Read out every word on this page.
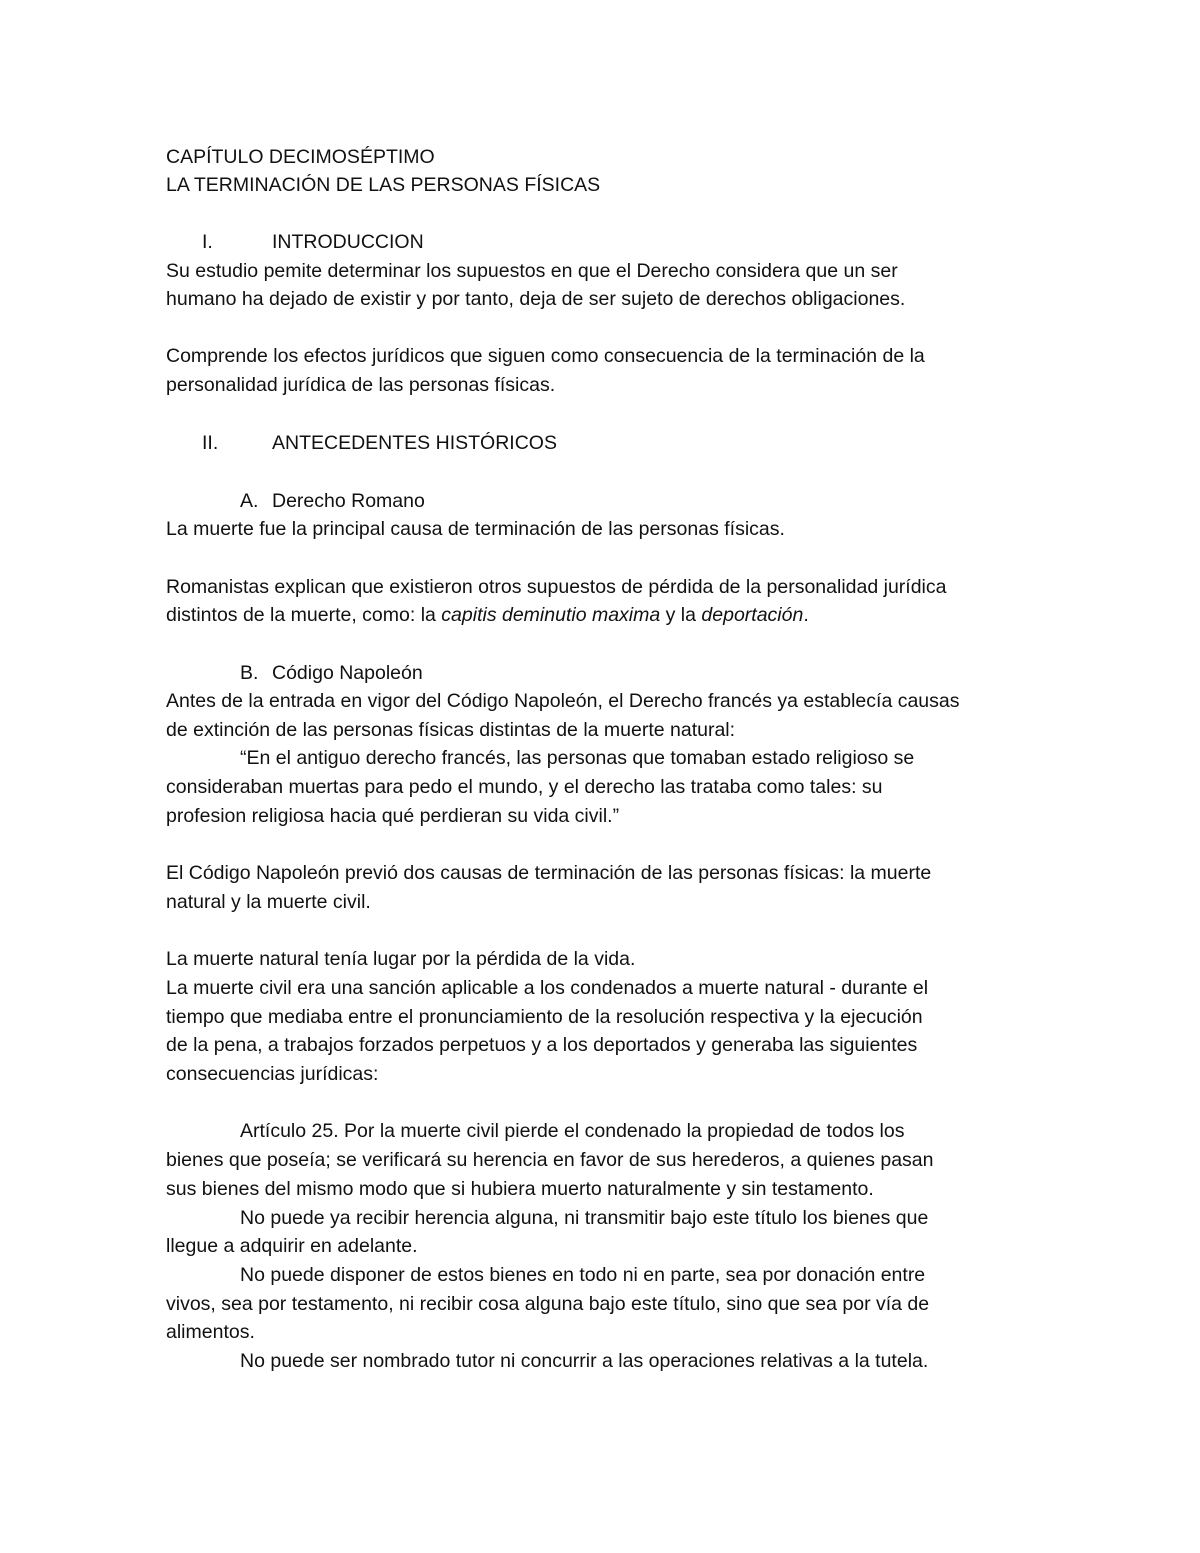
CAPÍTULO DECIMOSÉPTIMO
LA TERMINACIÓN DE LAS PERSONAS FÍSICAS
I.	INTRODUCCION
Su estudio pemite determinar los supuestos en que el Derecho considera que un ser
humano ha dejado de existir y por tanto, deja de ser sujeto de derechos obligaciones.
Comprende los efectos jurídicos que siguen como consecuencia de la terminación de la
personalidad jurídica de las personas físicas.
II.	ANTECEDENTES HISTÓRICOS
A. Derecho Romano
La muerte fue la principal causa de terminación de las personas físicas.
Romanistas explican que existieron otros supuestos de pérdida de la personalidad jurídica
distintos de la muerte, como: la capitis deminutio maxima y la deportación.
B. Código Napoleón
Antes de la entrada en vigor del Código Napoleón, el Derecho francés ya establecía causas
de extinción de las personas físicas distintas de la muerte natural:
“En el antiguo derecho francés, las personas que tomaban estado religioso se
consideraban muertas para pedo el mundo, y el derecho las trataba como tales: su
profesion religiosa hacia qué perdieran su vida civil.”
El Código Napoleón previó dos causas de terminación de las personas físicas: la muerte
natural y la muerte civil.
La muerte natural tenía lugar por la pérdida de la vida.
La muerte civil era una sanción aplicable a los condenados a muerte natural - durante el
tiempo que mediaba entre el pronunciamiento de la resolución respectiva y la ejecución
de la pena, a trabajos forzados perpetuos y a los deportados y generaba las siguientes
consecuencias jurídicas:
Artículo 25. Por la muerte civil pierde el condenado la propiedad de todos los
bienes que poseía; se verificará su herencia en favor de sus herederos, a quienes pasan
sus bienes del mismo modo que si hubiera muerto naturalmente y sin testamento.
No puede ya recibir herencia alguna, ni transmitir bajo este título los bienes que
llegue a adquirir en adelante.
No puede disponer de estos bienes en todo ni en parte, sea por donación entre
vivos, sea por testamento, ni recibir cosa alguna bajo este título, sino que sea por vía de
alimentos.
No puede ser nombrado tutor ni concurrir a las operaciones relativas a la tutela.
